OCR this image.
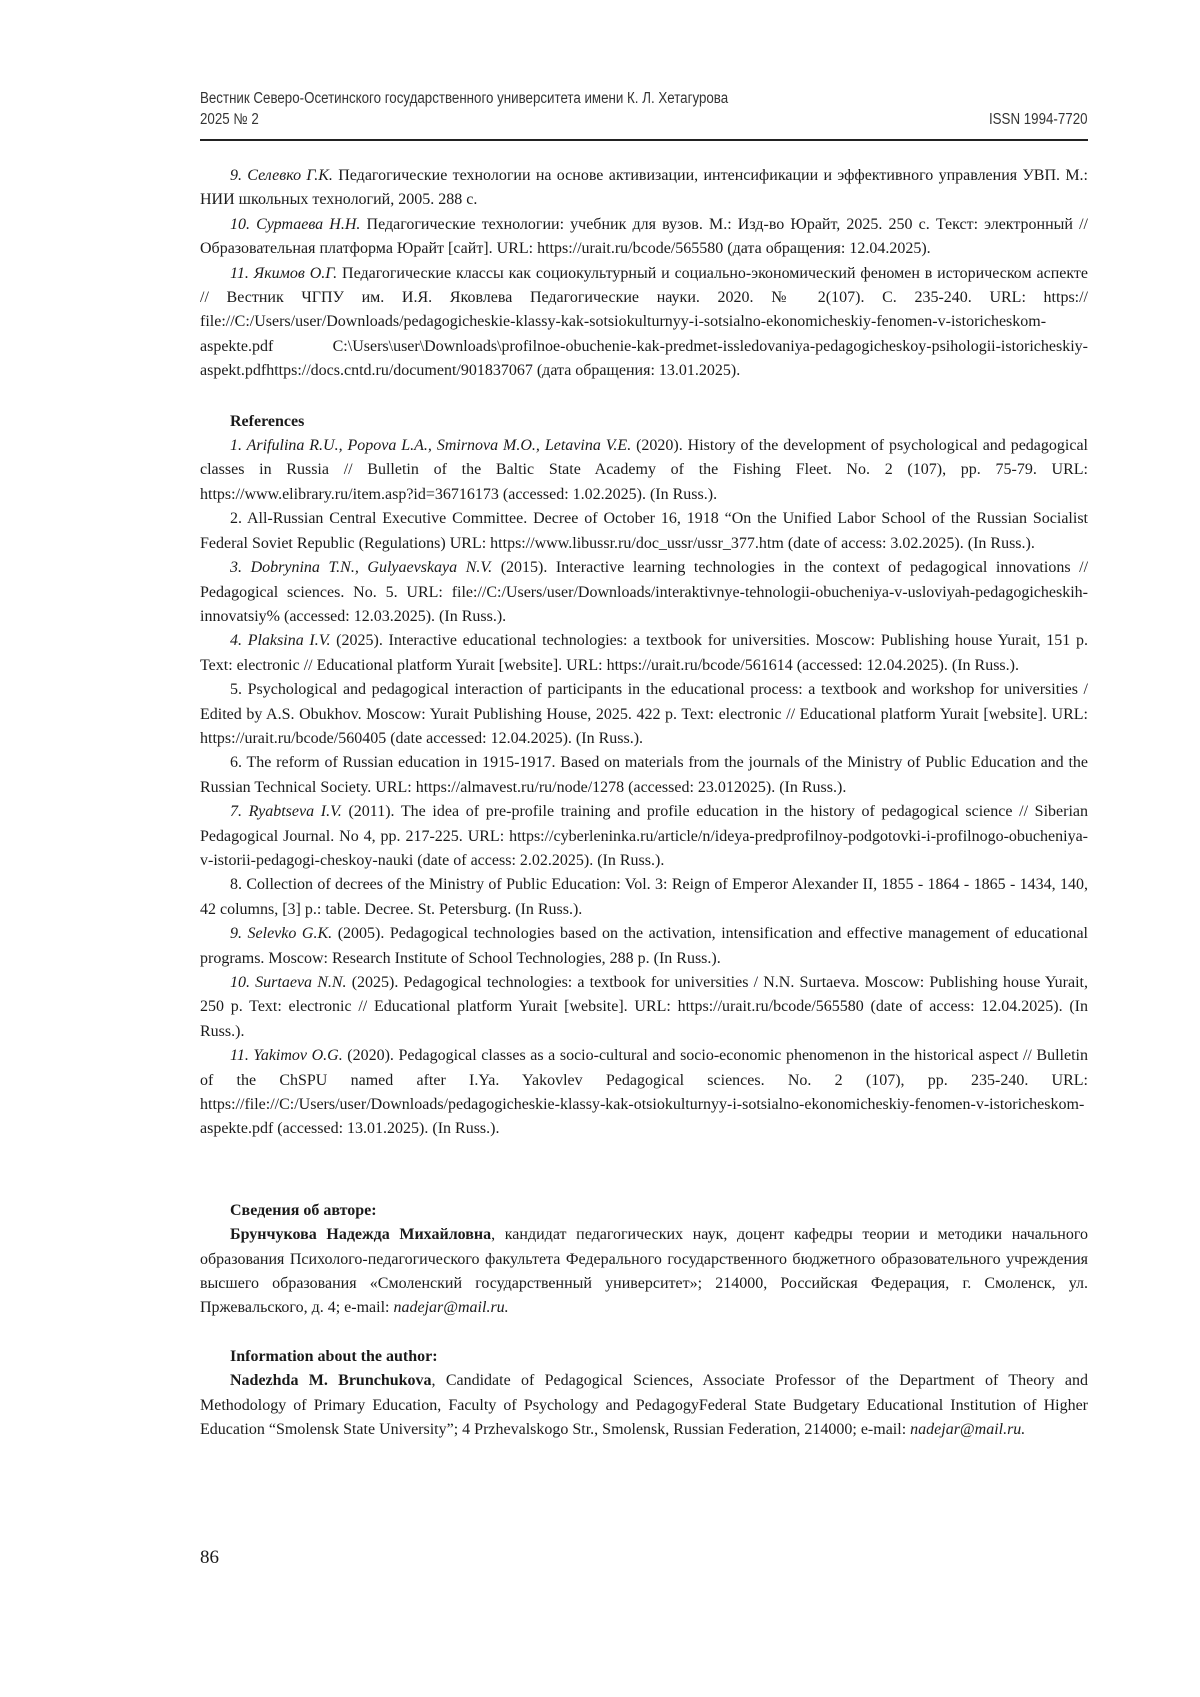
Вестник Северо-Осетинского государственного университета имени К. Л. Хетагурова
2025 № 2	ISSN 1994-7720

9. Селевко Г.К. Педагогические технологии на основе активизации, интенсификации и эффективного управления УВП. М.: НИИ школьных технологий, 2005. 288 с.

10. Суртаева Н.Н. Педагогические технологии: учебник для вузов. М.: Изд-во Юрайт, 2025. 250 с. Текст: электронный // Образовательная платформа Юрайт [сайт]. URL: https://urait.ru/bcode/565580 (дата обращения: 12.04.2025).

11. Якимов О.Г. Педагогические классы как социокультурный и социально-экономический феномен в историческом аспекте // Вестник ЧГПУ им. И.Я. Яковлева Педагогические науки. 2020. № 2(107). С. 235-240. URL: https:// file://C:/Users/user/Downloads/pedagogicheskie-klassy-kak-sotsiokulturnyy-i-sotsialno-ekonomicheskiy-fenomen-v-istoricheskom-aspekte.pdf C:\Users\user\Downloads\profilnoe-obuchenie-kak-predmet-issledovaniya-pedagogicheskoy-psihologii-istoricheskiy-aspekt.pdfhttps://docs.cntd.ru/document/901837067 (дата обращения: 13.01.2025).

References

1. Arifulina R.U., Popova L.A., Smirnova M.O., Letavina V.E. (2020). History of the development of psychological and pedagogical classes in Russia // Bulletin of the Baltic State Academy of the Fishing Fleet. No. 2 (107), pp. 75-79. URL: https://www.elibrary.ru/item.asp?id=36716173 (accessed: 1.02.2025). (In Russ.).

2. All-Russian Central Executive Committee. Decree of October 16, 1918 “On the Unified Labor School of the Russian Socialist Federal Soviet Republic (Regulations) URL: https://www.libussr.ru/doc_ussr/ussr_377.htm (date of access: 3.02.2025). (In Russ.).

3. Dobrynina T.N., Gulyaevskaya N.V. (2015). Interactive learning technologies in the context of pedagogical innovations // Pedagogical sciences. No. 5. URL: file://C:/Users/user/Downloads/interaktivnye-tehnologii-obucheniya-v-usloviyah-pedagogicheskih-innovatsiy% (accessed: 12.03.2025). (In Russ.).

4. Plaksina I.V. (2025). Interactive educational technologies: a textbook for universities. Moscow: Publishing house Yurait, 151 p. Text: electronic // Educational platform Yurait [website]. URL: https://urait.ru/bcode/561614 (accessed: 12.04.2025). (In Russ.).

5. Psychological and pedagogical interaction of participants in the educational process: a textbook and workshop for universities / Edited by A.S. Obukhov. Moscow: Yurait Publishing House, 2025. 422 p. Text: electronic // Educational platform Yurait [website]. URL: https://urait.ru/bcode/560405 (date accessed: 12.04.2025). (In Russ.).

6. The reform of Russian education in 1915-1917. Based on materials from the journals of the Ministry of Public Education and the Russian Technical Society. URL: https://almavest.ru/ru/node/1278 (accessed: 23.012025). (In Russ.).

7. Ryabtseva I.V. (2011). The idea of pre-profile training and profile education in the history of pedagogical science // Siberian Pedagogical Journal. No 4, pp. 217-225. URL: https://cyberleninka.ru/article/n/ideya-predprofilnoy-podgotovki-i-profilnogo-obucheniya-v-istorii-pedagogi-cheskoy-nauki (date of access: 2.02.2025). (In Russ.).

8. Collection of decrees of the Ministry of Public Education: Vol. 3: Reign of Emperor Alexander II, 1855 - 1864 - 1865 - 1434, 140, 42 columns, [3] p.: table. Decree. St. Petersburg. (In Russ.).

9. Selevko G.K. (2005). Pedagogical technologies based on the activation, intensification and effective management of educational programs. Moscow: Research Institute of School Technologies, 288 p. (In Russ.).

10. Surtaeva N.N. (2025). Pedagogical technologies: a textbook for universities / N.N. Surtaeva. Moscow: Publishing house Yurait, 250 p. Text: electronic // Educational platform Yurait [website]. URL: https://urait.ru/bcode/565580 (date of access: 12.04.2025). (In Russ.).

11. Yakimov O.G. (2020). Pedagogical classes as a socio-cultural and socio-economic phenomenon in the historical aspect // Bulletin of the ChSPU named after I.Ya. Yakovlev Pedagogical sciences. No. 2 (107), pp. 235-240. URL: https://file://C:/Users/user/Downloads/pedagogicheskie-klassy-kak-otsiokulturnyy-i-sotsialno-ekonomicheskiy-fenomen-v-istoricheskom-aspekte.pdf (accessed: 13.01.2025). (In Russ.).

Сведения об авторе:

Брунчукова Надежда Михайловна, кандидат педагогических наук, доцент кафедры теории и методики начального образования Психолого-педагогического факультета Федерального государственного бюджетного образовательного учреждения высшего образования «Смоленский государственный университет»; 214000, Российская Федерация, г. Смоленск, ул. Пржевальского, д. 4; e-mail: nadejar@mail.ru.

Information about the author:

Nadezhda M. Brunchukova, Candidate of Pedagogical Sciences, Associate Professor of the Department of Theory and Methodology of Primary Education, Faculty of Psychology and PedagogyFederal State Budgetary Educational Institution of Higher Education “Smolensk State University”; 4 Przhevalskogo Str., Smolensk, Russian Federation, 214000; e-mail: nadejar@mail.ru.

86
